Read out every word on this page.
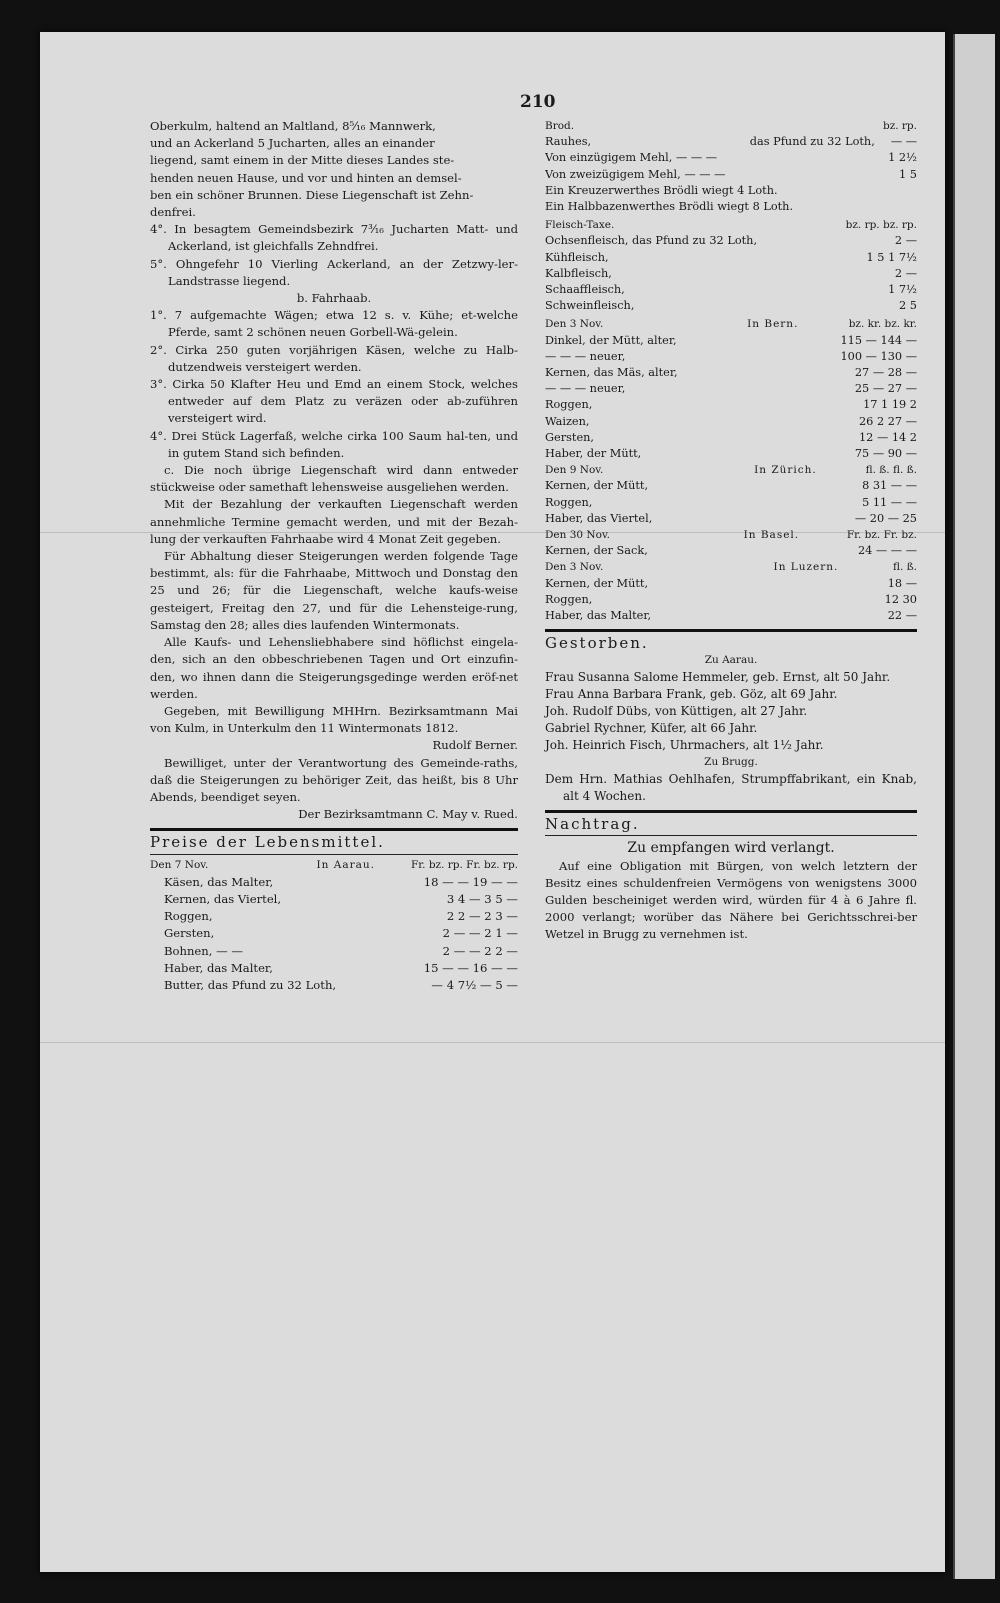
210

Oberkulm, haltend an Maltland, 8⁵⁄₁₆ Mannwerk,

und an Ackerland 5 Jucharten, alles an einander

liegend, samt einem in der Mitte dieses Landes ste-

henden neuen Hause, und vor und hinten an demsel-

ben ein schöner Brunnen. Diese Liegenschaft ist Zehn-

denfrei.

4°. In besagtem Gemeindsbezirk 7³⁄₁₆ Jucharten Matt- und Ackerland, ist gleichfalls Zehndfrei.

5°. Ohngefehr 10 Vierling Ackerland, an der Zetzwy-ler-Landstrasse liegend.

b. Fahrhaab.

1°. 7 aufgemachte Wägen; etwa 12 s. v. Kühe; et-welche Pferde, samt 2 schönen neuen Gorbell-Wä-gelein.

2°. Cirka 250 guten vorjährigen Käsen, welche zu Halb-dutzendweis versteigert werden.

3°. Cirka 50 Klafter Heu und Emd an einem Stock, welches entweder auf dem Platz zu veräzen oder ab-zuführen versteigert wird.

4°. Drei Stück Lagerfaß, welche cirka 100 Saum hal-ten, und in gutem Stand sich befinden.

c. Die noch übrige Liegenschaft wird dann entweder stückweise oder samethaft lehensweise ausgeliehen werden.

Mit der Bezahlung der verkauften Liegenschaft werden annehmliche Termine gemacht werden, und mit der Bezah-lung der verkauften Fahrhaabe wird 4 Monat Zeit gegeben.

Für Abhaltung dieser Steigerungen werden folgende Tage bestimmt, als: für die Fahrhaabe, Mittwoch und Donstag den 25 und 26; für die Liegenschaft, welche kaufs-weise gesteigert, Freitag den 27, und für die Lehensteige-rung, Samstag den 28; alles dies laufenden Wintermonats.

Alle Kaufs- und Lehensliebhabere sind höflichst eingela-den, sich an den obbeschriebenen Tagen und Ort einzufin-den, wo ihnen dann die Steigerungsgedinge werden eröf-net werden.

Gegeben, mit Bewilligung MHHrn. Bezirksamtmann Mai von Kulm, in Unterkulm den 11 Wintermonats 1812.

Rudolf Berner.

Bewilliget, unter der Verantwortung des Gemeinde-raths, daß die Steigerungen zu behöriger Zeit, das heißt, bis 8 Uhr Abends, beendiget seyen.

Der Bezirksamtmann C. May v. Rued.

Preise der Lebensmittel.

Den 7 Nov.	In Aarau.	Fr. bz. rp. Fr. bz. rp.
Käsen, das Malter,	18 — — 19 — —
Kernen, das Viertel,	3 4 — 3 5 —
Roggen,	2 2 — 2 3 —
Gersten,	2 — — 2 1 —
Bohnen, — —	2 — — 2 2 —
Haber, das Malter,	15 — — 16 — —
Butter, das Pfund zu 32 Loth,	— 4 7½ — 5 —
Brod.	bz. rp.
Rauhes,	das Pfund zu 32 Loth, — —
Von einzügigem Mehl, — — —	1 2½
Von zweizügigem Mehl, — — —	1 5

Ein Kreuzerwerthes Brödli wiegt 4 Loth.

Ein Halbbazenwerthes Brödli wiegt 8 Loth.

Fleisch-Taxe.	bz. rp. bz. rp.
Ochsenfleisch, das Pfund zu 32 Loth,	2 —
Kühfleisch,	1 5 1 7½
Kalbfleisch,	2 —
Schaaffleisch,	1 7½
Schweinfleisch,	2 5
Den 3 Nov.	In Bern.	bz. kr. bz. kr.
Dinkel, der Mütt, alter,	115 — 144 —
— — — neuer,	100 — 130 —
Kernen, das Mäs, alter,	27 — 28 —
— — — neuer,	25 — 27 —
Roggen,	17 1 19 2
Waizen,	26 2 27 —
Gersten,	12 — 14 2
Haber, der Mütt,	75 — 90 —
Den 9 Nov.	In Zürich.	fl. ß. fl. ß.
Kernen, der Mütt,	8 31 — —
Roggen,	5 11 — —
Haber, das Viertel,	— 20 — 25
Den 30 Nov.	In Basel.	Fr. bz. Fr. bz.
Kernen, der Sack,	24 — — —
Den 3 Nov.	In Luzern.	fl. ß.
Kernen, der Mütt,	18 —
Roggen,	12 30
Haber, das Malter,	22 —

Gestorben.

Zu Aarau.

Frau Susanna Salome Hemmeler, geb. Ernst, alt 50 Jahr.

Frau Anna Barbara Frank, geb. Göz, alt 69 Jahr.

Joh. Rudolf Dübs, von Küttigen, alt 27 Jahr.

Gabriel Rychner, Küfer, alt 66 Jahr.

Joh. Heinrich Fisch, Uhrmachers, alt 1½ Jahr.

Zu Brugg.

Dem Hrn. Mathias Oehlhafen, Strumpffabrikant, ein Knab, alt 4 Wochen.

Nachtrag.

Zu empfangen wird verlangt.

Auf eine Obligation mit Bürgen, von welch letztern der Besitz eines schuldenfreien Vermögens von wenigstens 3000 Gulden bescheiniget werden wird, würden für 4 à 6 Jahre fl. 2000 verlangt; worüber das Nähere bei Gerichtsschrei-ber Wetzel in Brugg zu vernehmen ist.
